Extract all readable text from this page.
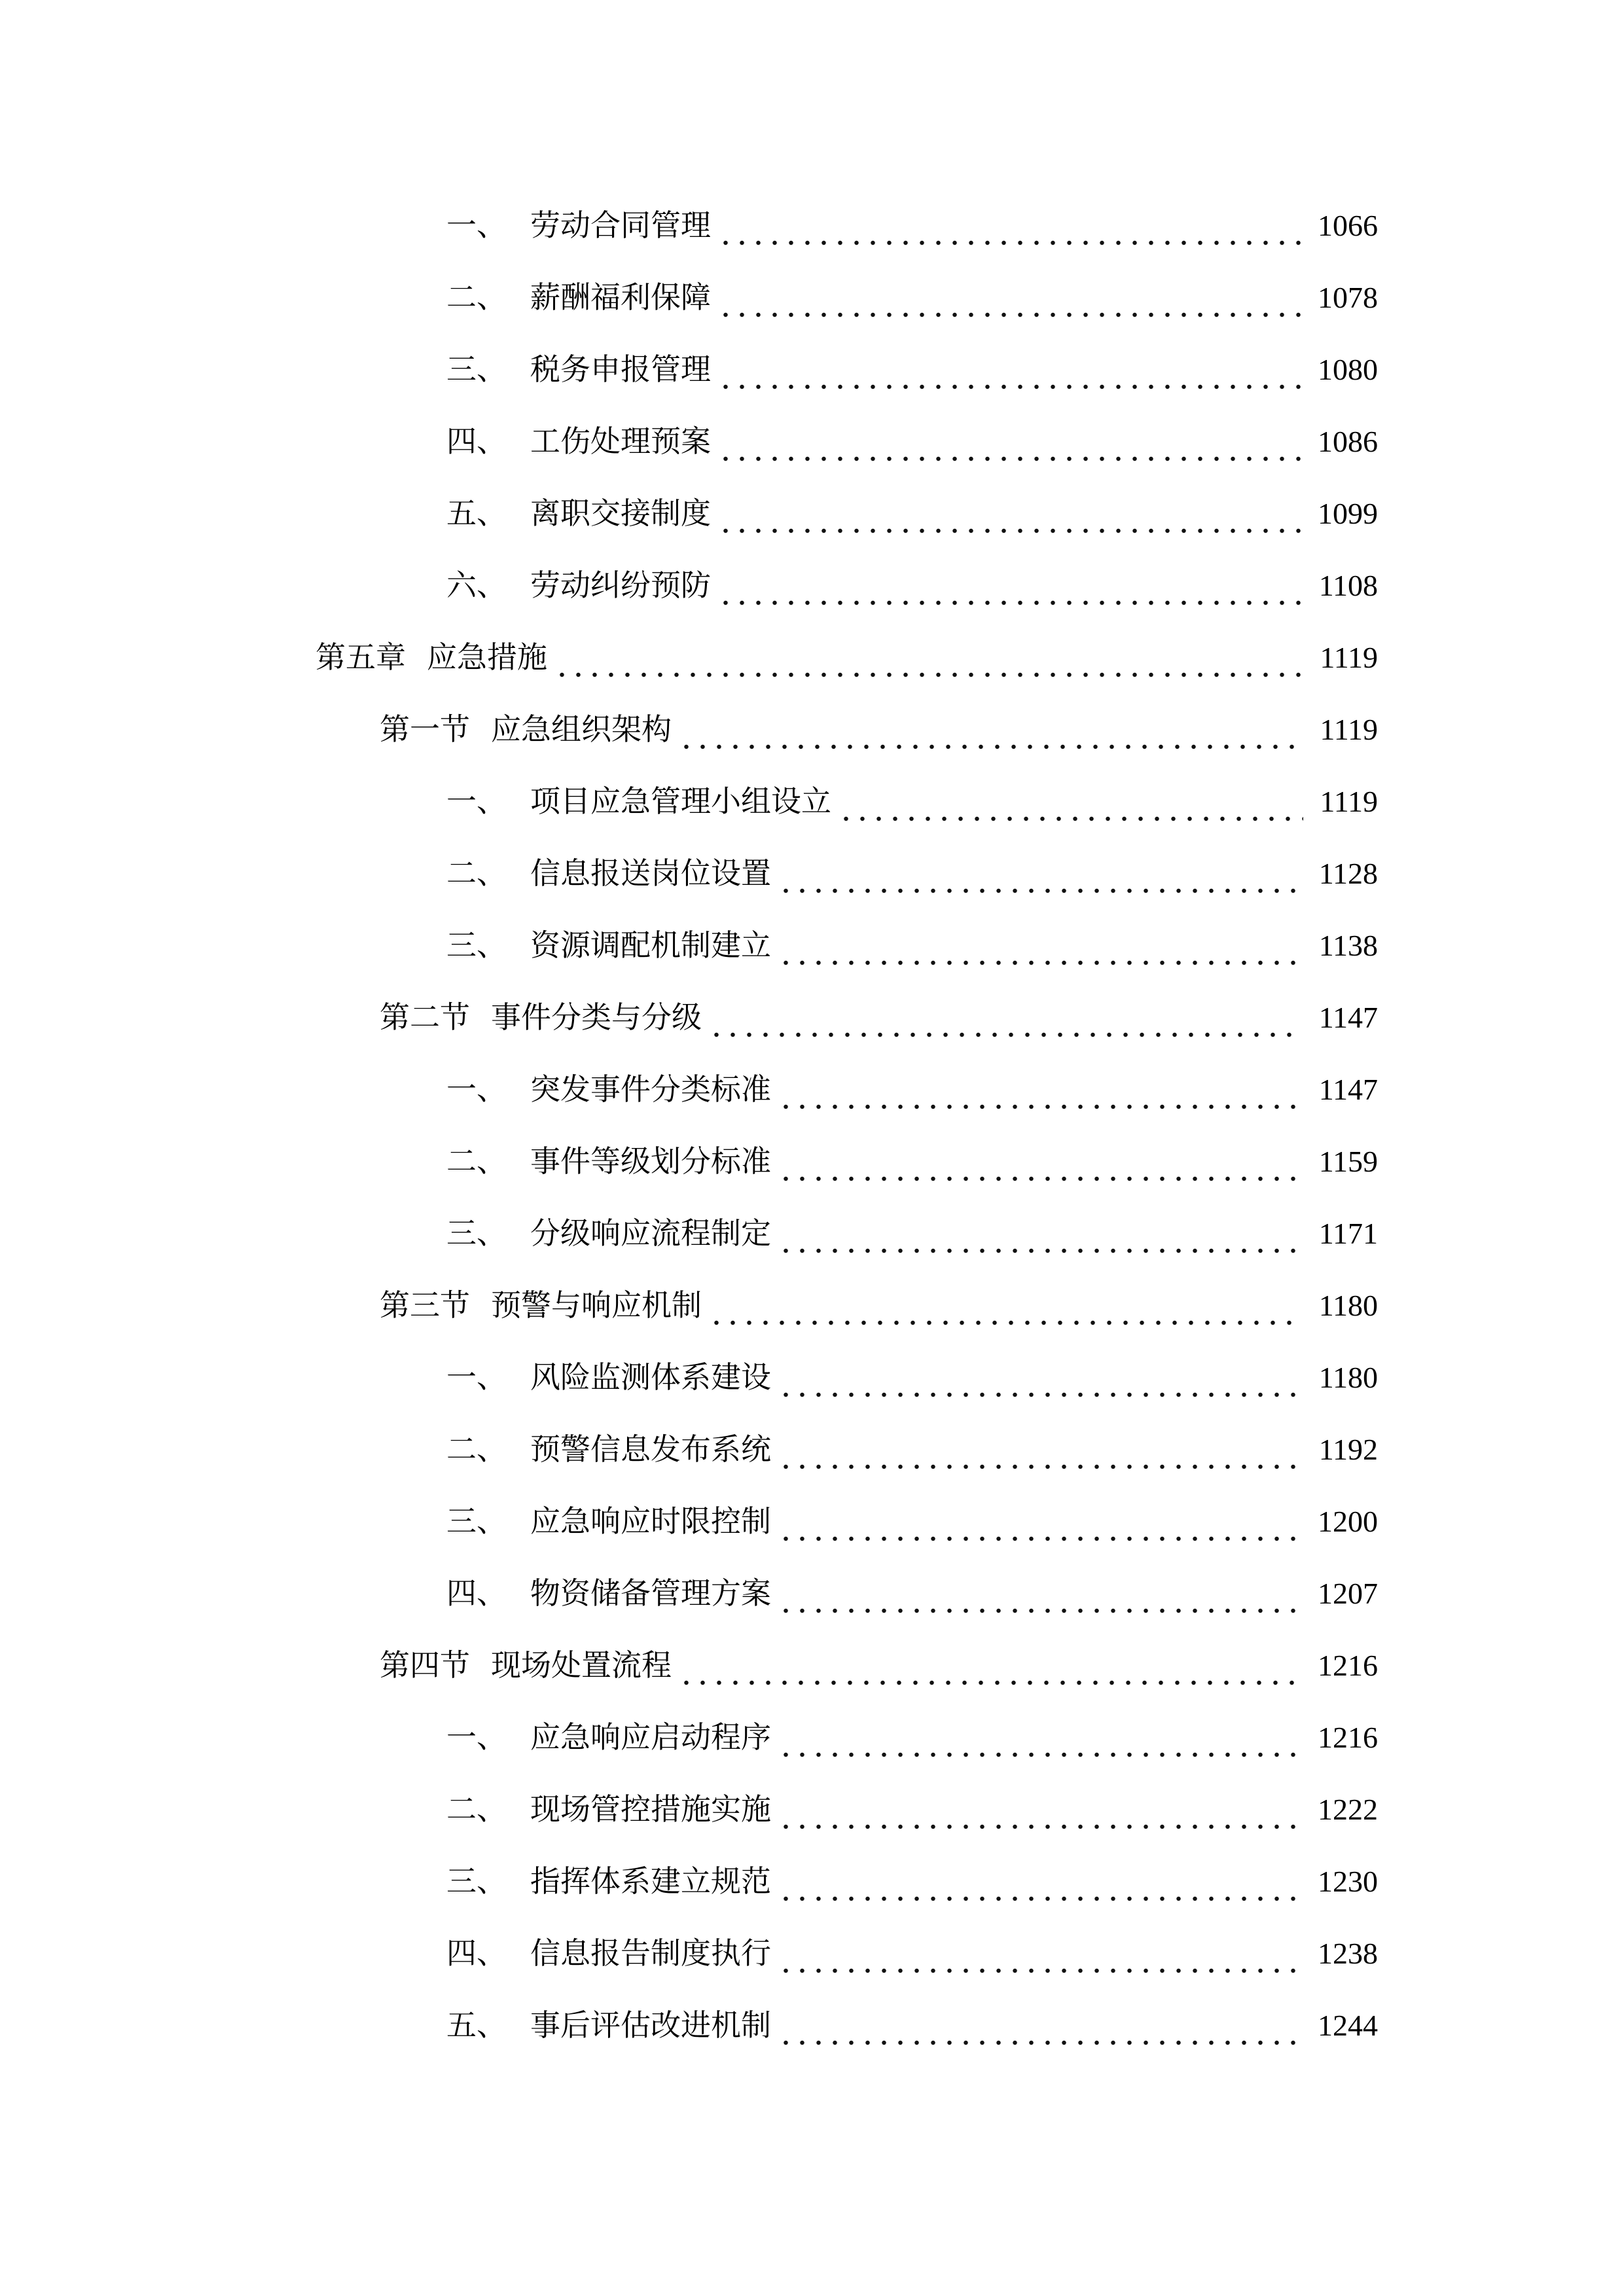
一、 劳动合同管理	1066
二、 薪酬福利保障	1078
三、 税务申报管理	1080
四、 工伤处理预案	1086
五、 离职交接制度	1099
六、 劳动纠纷预防	1108
第五章 应急措施	1119
第一节 应急组织架构	1119
一、 项目应急管理小组设立	1119
二、 信息报送岗位设置	1128
三、 资源调配机制建立	1138
第二节 事件分类与分级	1147
一、 突发事件分类标准	1147
二、 事件等级划分标准	1159
三、 分级响应流程制定	1171
第三节 预警与响应机制	1180
一、 风险监测体系建设	1180
二、 预警信息发布系统	1192
三、 应急响应时限控制	1200
四、 物资储备管理方案	1207
第四节 现场处置流程	1216
一、 应急响应启动程序	1216
二、 现场管控措施实施	1222
三、 指挥体系建立规范	1230
四、 信息报告制度执行	1238
五、 事后评估改进机制	1244
